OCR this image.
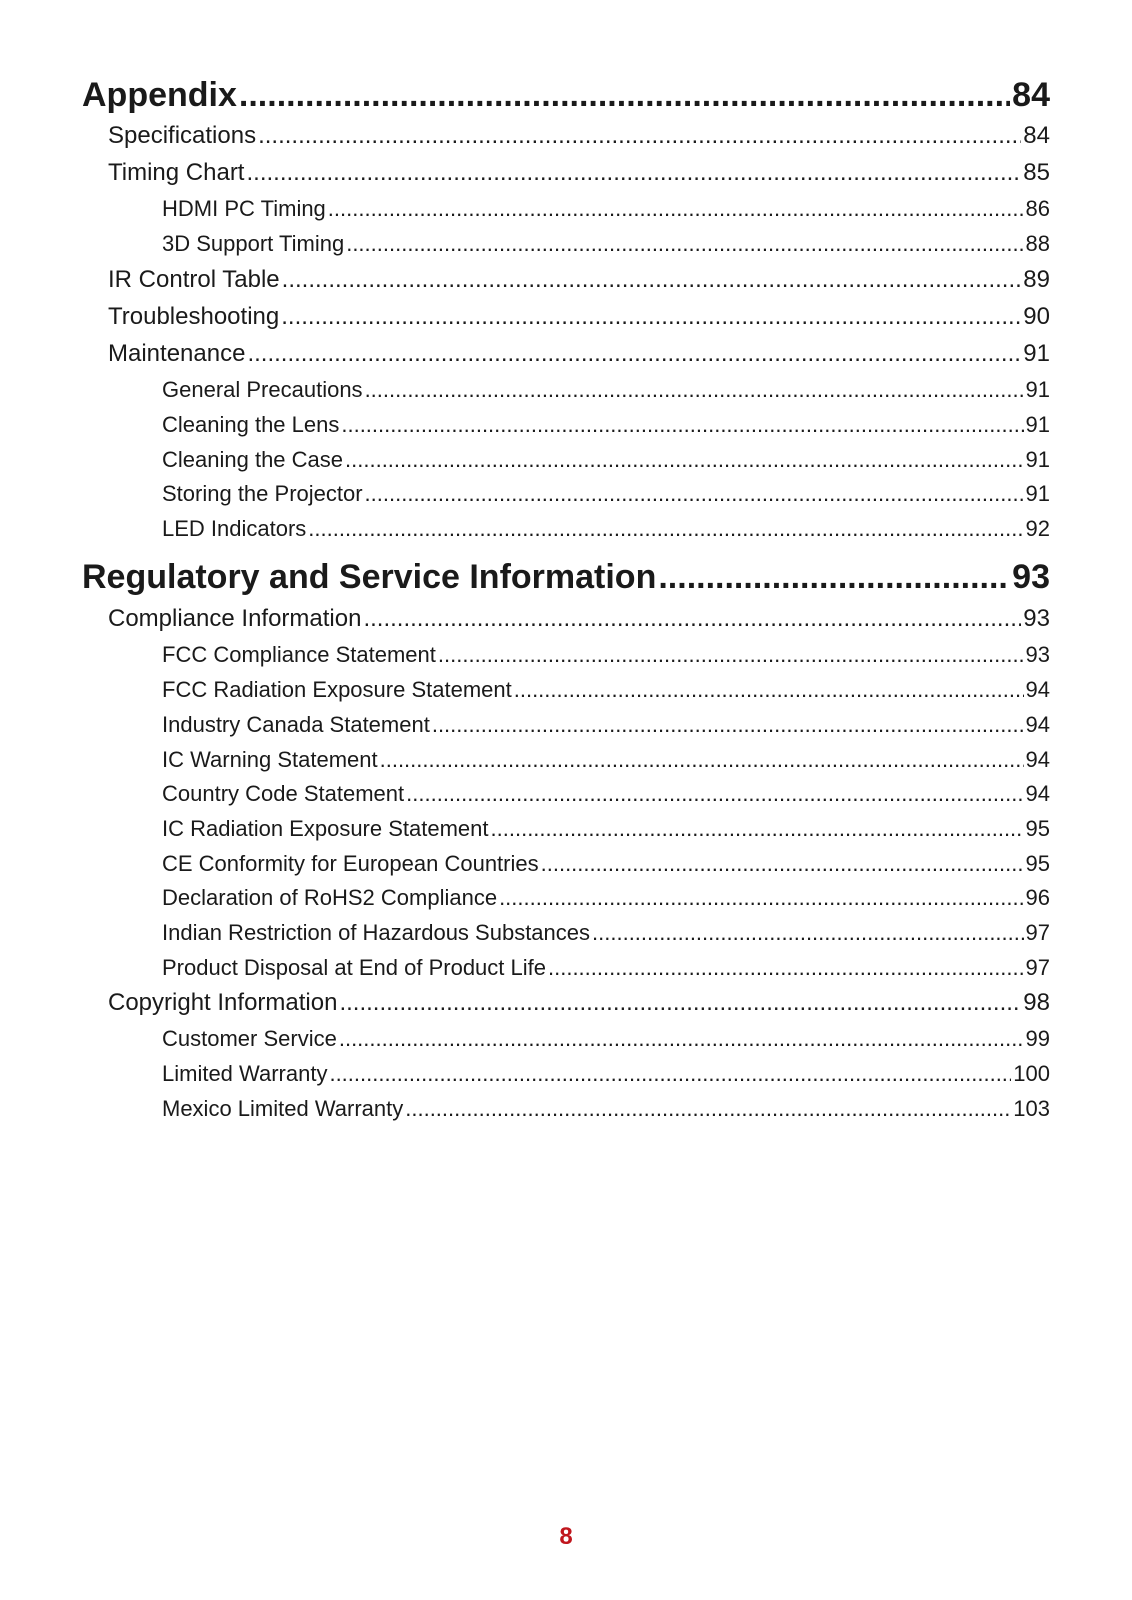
Appendix .....	84
Specifications .....	84
Timing Chart .....	85
HDMI PC Timing .....	86
3D Support Timing .....	88
IR Control Table .....	89
Troubleshooting .....	90
Maintenance .....	91
General Precautions .....	91
Cleaning the Lens .....	91
Cleaning the Case .....	91
Storing the Projector .....	91
LED Indicators .....	92
Regulatory and Service Information .....	93
Compliance Information .....	93
FCC Compliance Statement .....	93
FCC Radiation Exposure Statement .....	94
Industry Canada Statement .....	94
IC Warning Statement .....	94
Country Code Statement .....	94
IC Radiation Exposure Statement .....	95
CE Conformity for European Countries .....	95
Declaration of RoHS2 Compliance .....	96
Indian Restriction of Hazardous Substances .....	97
Product Disposal at End of Product Life .....	97
Copyright Information .....	98
Customer Service .....	99
Limited Warranty .....	100
Mexico Limited Warranty .....	103
8
